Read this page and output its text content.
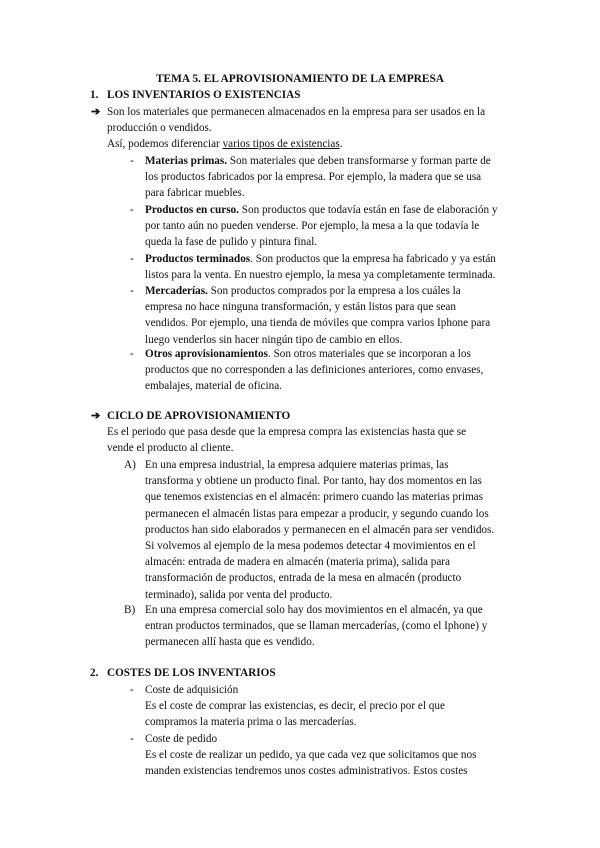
TEMA 5. EL APROVISIONAMIENTO DE LA EMPRESA
1. LOS INVENTARIOS O EXISTENCIAS
➔ Son los materiales que permanecen almacenados en la empresa para ser usados en la

producción o vendidos.

Así, podemos diferenciar varios tipos de existencias.

- Materias primas. Son materiales que deben transformarse y forman parte de

los productos fabricados por la empresa. Por ejemplo, la madera que se usa

para fabricar muebles.

- Productos en curso. Son productos que todavía están en fase de elaboración y

por tanto aún no pueden venderse. Por ejemplo, la mesa a la que todavía le

queda la fase de pulido y pintura final.

- Productos terminados. Son productos que la empresa ha fabricado y ya están

listos para la venta. En nuestro ejemplo, la mesa ya completamente terminada.

- Mercaderías. Son productos comprados por la empresa a los cuáles la

empresa no hace ninguna transformación, y están listos para que sean

vendidos. Por ejemplo, una tienda de móviles que compra varios Iphone para

luego venderlos sin hacer ningún tipo de cambio en ellos.

- Otros aprovisionamientos. Son otros materiales que se incorporan a los

productos que no corresponden a las definiciones anteriores, como envases,

embalajes, material de oficina.

➔ CICLO DE APROVISIONAMIENTO

Es el periodo que pasa desde que la empresa compra las existencias hasta que se

vende el producto al cliente.

A) En una empresa industrial, la empresa adquiere materias primas, las

transforma y obtiene un producto final. Por tanto, hay dos momentos en las

que tenemos existencias en el almacén: primero cuando las materias primas

permanecen el almacén listas para empezar a producir, y segundo cuando los

productos han sido elaborados y permanecen en el almacén para ser vendidos.

Si volvemos al ejemplo de la mesa podemos detectar 4 movimientos en el

almacén: entrada de madera en almacén (materia prima), salida para

transformación de productos, entrada de la mesa en almacén (producto

terminado), salida por venta del producto.

B) En una empresa comercial solo hay dos movimientos en el almacén, ya que

entran productos terminados, que se llaman mercaderías, (como el Iphone) y

permanecen allí hasta que es vendido.

2. COSTES DE LOS INVENTARIOS
- Coste de adquisición

Es el coste de comprar las existencias, es decir, el precio por el que

compramos la materia prima o las mercaderías.

- Coste de pedido

Es el coste de realizar un pedido, ya que cada vez que solicitamos que nos

manden existencias tendremos unos costes administrativos. Estos costes
